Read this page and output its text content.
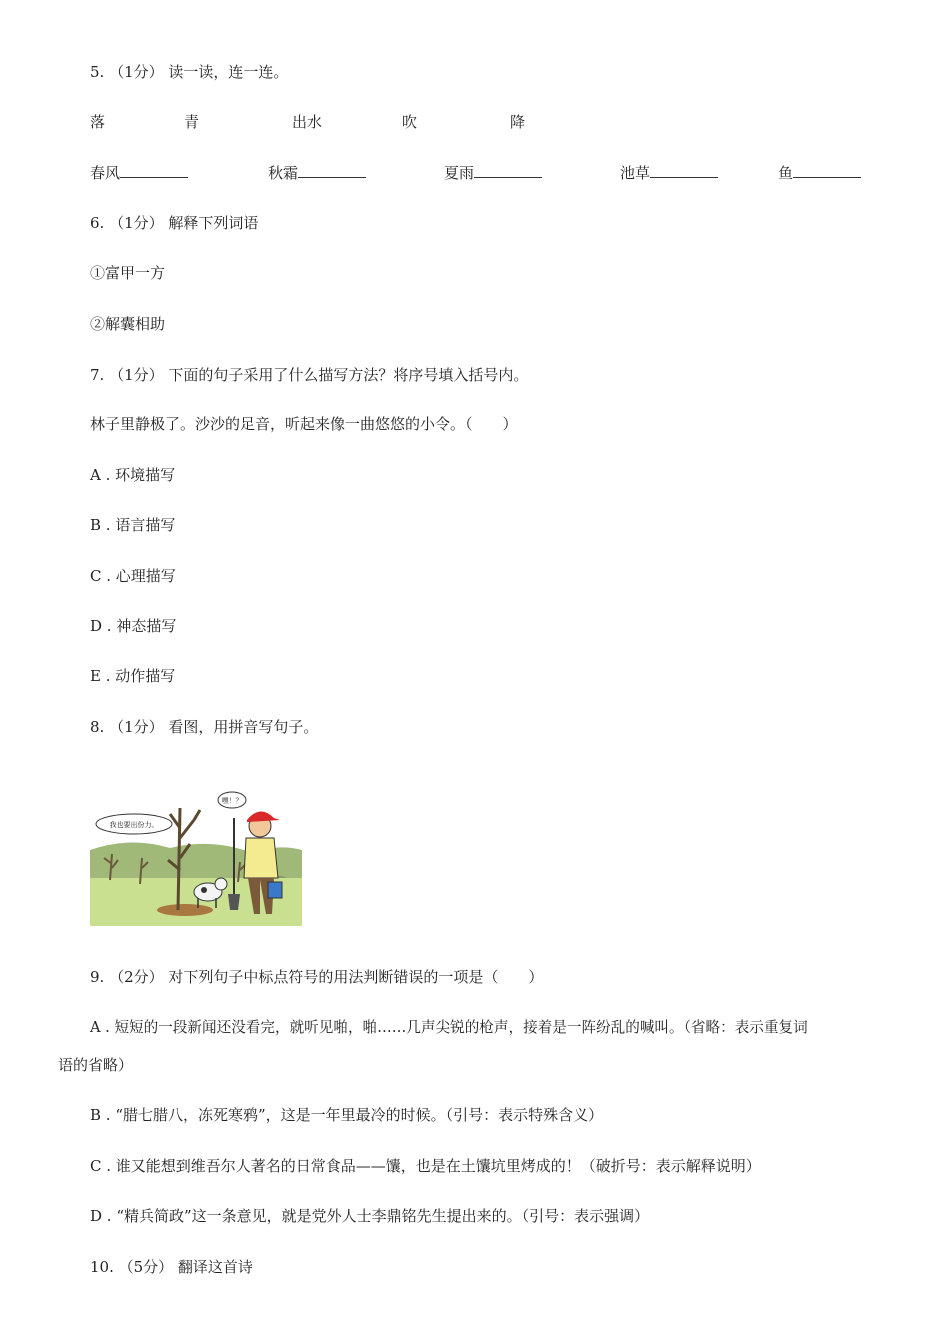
5. （1分） 读一读，连一连。
落	青	出水	吹	降
春风	秋霜	夏雨	池草	鱼
6. （1分） 解释下列词语
①富甲一方
②解囊相助
7. （1分） 下面的句子采用了什么描写方法？将序号填入括号内。
林子里静极了。沙沙的足音，听起来像一曲悠悠的小令。（　　）
A . 环境描写
B . 语言描写
C . 心理描写
D . 神态描写
E . 动作描写
8. （1分） 看图，用拼音写句子。
我也要出份力。
嘿！？
9. （2分） 对下列句子中标点符号的用法判断错误的一项是（　　）
A . 短短的一段新闻还没看完，就听见啪，啪……几声尖锐的枪声，接着是一阵纷乱的喊叫。（省略：表示重复词
语的省略）
B . “腊七腊八，冻死寒鸦”，这是一年里最冷的时候。（引号：表示特殊含义）
C . 谁又能想到维吾尔人著名的日常食品——馕，也是在土馕坑里烤成的！（破折号：表示解释说明）
D . “精兵简政”这一条意见，就是党外人士李鼎铭先生提出来的。（引号：表示强调）
10. （5分） 翻译这首诗
